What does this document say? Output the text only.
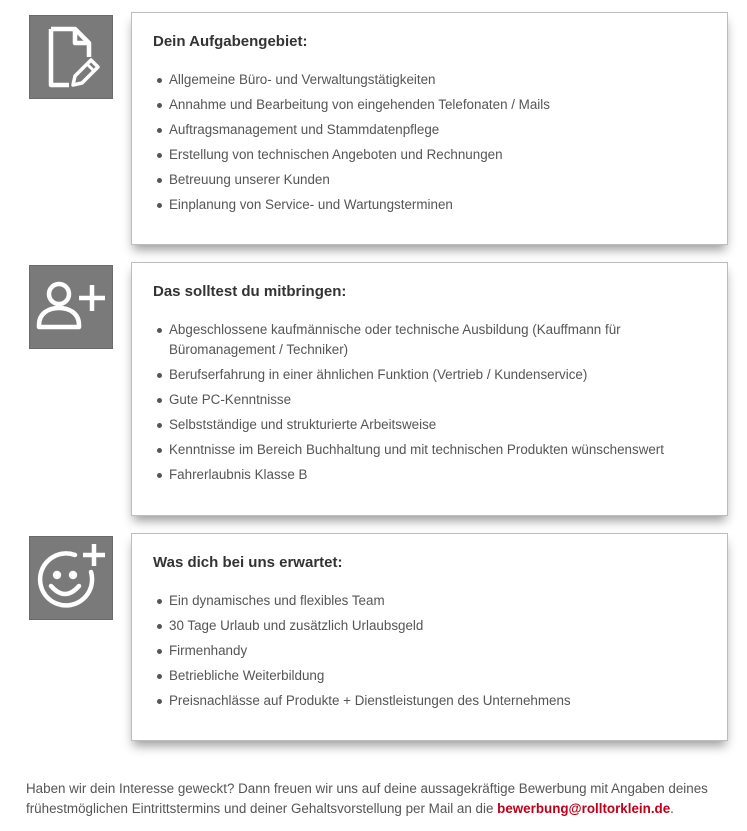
Dein Aufgabengebiet:
Allgemeine Büro- und Verwaltungstätigkeiten
Annahme und Bearbeitung von eingehenden Telefonaten / Mails
Auftragsmanagement und Stammdatenpflege
Erstellung von technischen Angeboten und Rechnungen
Betreuung unserer Kunden
Einplanung von Service- und Wartungsterminen
Das solltest du mitbringen:
Abgeschlossene kaufmännische oder technische Ausbildung (Kauffmann für Büromanagement / Techniker)
Berufserfahrung in einer ähnlichen Funktion (Vertrieb / Kundenservice)
Gute PC-Kenntnisse
Selbstständige und strukturierte Arbeitsweise
Kenntnisse im Bereich Buchhaltung und mit technischen Produkten wünschenswert
Fahrerlaubnis Klasse B
Was dich bei uns erwartet:
Ein dynamisches und flexibles Team
30 Tage Urlaub und zusätzlich Urlaubsgeld
Firmenhandy
Betriebliche Weiterbildung
Preisnachlässe auf Produkte + Dienstleistungen des Unternehmens

Haben wir dein Interesse geweckt? Dann freuen wir uns auf deine aussagekräftige Bewerbung mit Angaben deines frühestmöglichen Eintrittstermins und deiner Gehaltsvorstellung per Mail an die bewerbung@rolltorklein.de.
